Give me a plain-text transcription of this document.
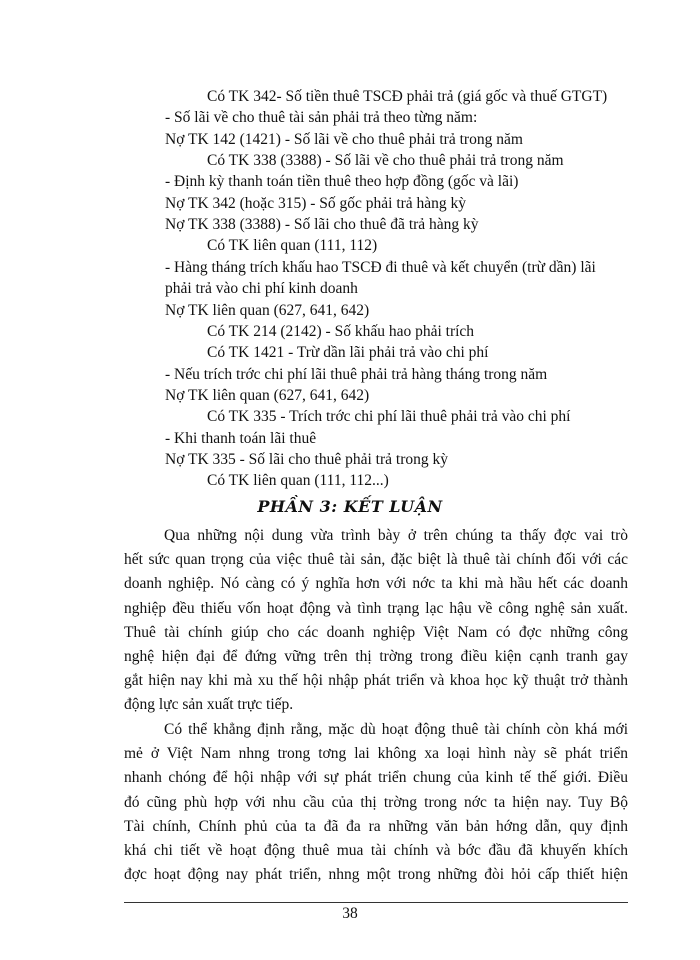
Có TK 342- Số tiền thuê TSCĐ phải trả (giá gốc và thuế GTGT)
- Số lãi về cho thuê tài sản phải trả theo từng năm:
Nợ TK 142 (1421) - Số lãi về cho thuê phải trả trong năm
Có TK 338 (3388) - Số lãi về cho thuê phải trả trong năm
- Định kỳ thanh toán tiền thuê theo hợp đồng (gốc và lãi)
Nợ TK 342 (hoặc 315) - Số gốc phải trả hàng kỳ
Nợ TK 338 (3388) - Số lãi cho thuê đã trả hàng kỳ
Có TK liên quan (111, 112)
- Hàng tháng trích khấu hao TSCĐ đi thuê và kết chuyển (trừ dần) lãi
phải trả vào chi phí kinh doanh
Nợ TK liên quan (627, 641, 642)
Có TK 214 (2142) - Số khấu hao phải trích
Có TK 1421 - Trừ dần lãi phải trả vào chi phí
- Nếu trích trớc chi phí lãi thuê phải trả hàng tháng trong năm
Nợ TK liên quan (627, 641, 642)
Có TK 335 - Trích trớc chi phí lãi thuê phải trả vào chi phí
- Khi thanh toán lãi thuê
Nợ TK 335 - Số lãi cho thuê phải trả trong kỳ
Có TK liên quan (111, 112...)
PHẦN 3: KẾT LUẬN
Qua những nội dung vừa trình bày ở trên chúng ta thấy đợc vai trò
hết sức quan trọng của việc thuê tài sản, đặc biệt là thuê tài chính đối với các
doanh nghiệp. Nó càng có ý nghĩa hơn với nớc ta khi mà hầu hết các doanh
nghiệp đều thiếu vốn hoạt động và tình trạng lạc hậu về công nghệ sản xuất.
Thuê tài chính giúp cho các doanh nghiệp Việt Nam có đợc những công
nghệ hiện đại để đứng vững trên thị trờng trong điều kiện cạnh tranh gay
gắt hiện nay khi mà xu thế hội nhập phát triển và khoa học kỹ thuật trở thành
động lực sản xuất trực tiếp.
Có thể khẳng định rằng, mặc dù hoạt động thuê tài chính còn khá mới
mẻ ở Việt Nam nhng trong tơng lai không xa loại hình này sẽ phát triển
nhanh chóng để hội nhập với sự phát triển chung của kinh tế thế giới. Điều
đó cũng phù hợp với nhu cầu của thị trờng trong nớc ta hiện nay. Tuy Bộ
Tài chính, Chính phủ của ta đã đa ra những văn bản hớng dẫn, quy định
khá chi tiết về hoạt động thuê mua tài chính và bớc đầu đã khuyến khích
đợc hoạt động nay phát triển, nhng một trong những đòi hỏi cấp thiết hiện
38
